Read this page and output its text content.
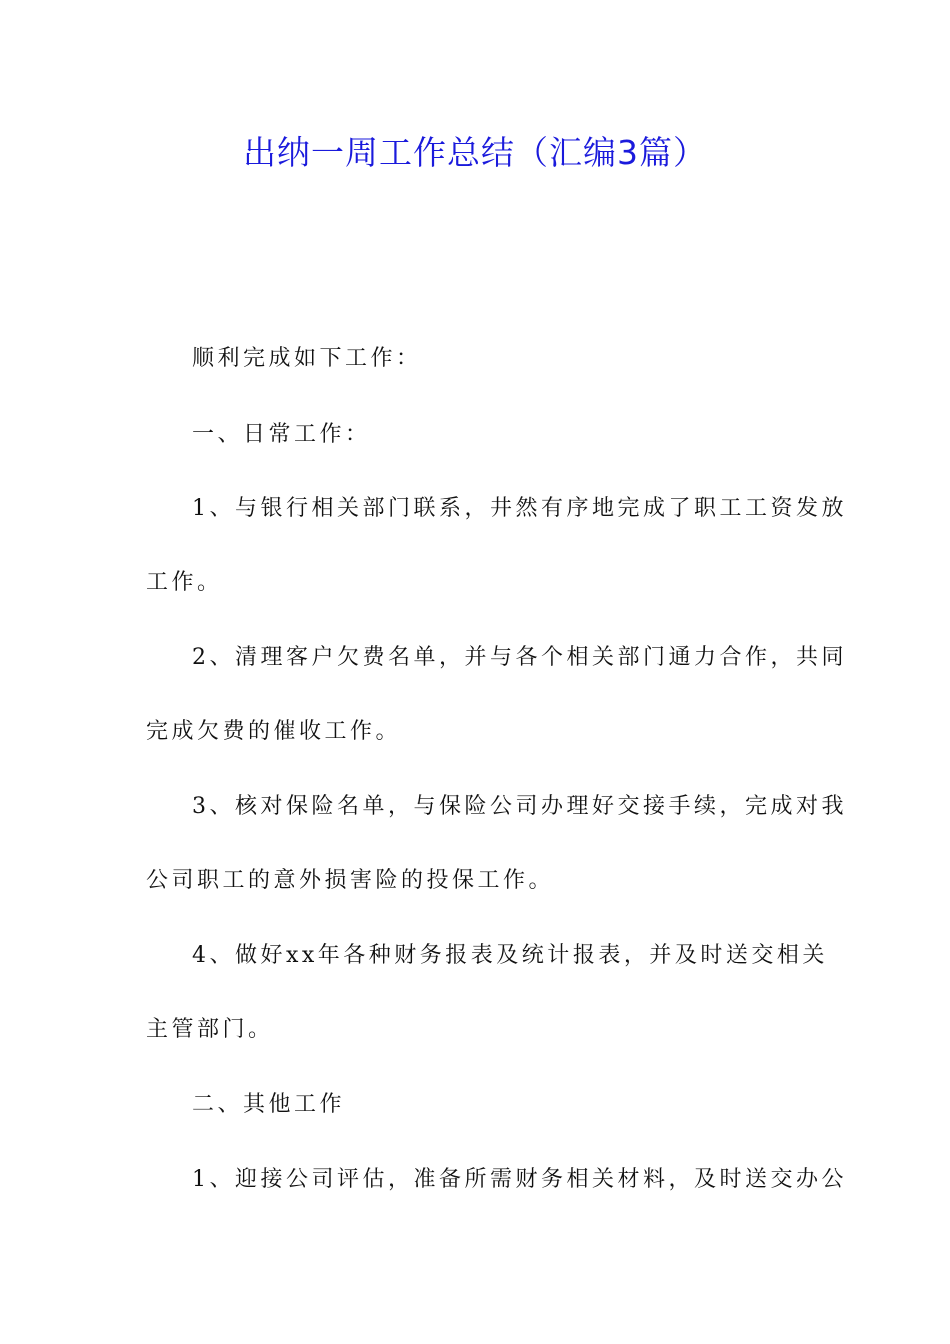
出纳一周工作总结（汇编3篇）

顺利完成如下工作：

一、日常工作：

1、与银行相关部门联系，井然有序地完成了职工工资发放

工作。

2、清理客户欠费名单，并与各个相关部门通力合作，共同

完成欠费的催收工作。

3、核对保险名单，与保险公司办理好交接手续，完成对我

公司职工的意外损害险的投保工作。

4、做好xx年各种财务报表及统计报表，并及时送交相关

主管部门。

二、其他工作

1、迎接公司评估，准备所需财务相关材料，及时送交办公
